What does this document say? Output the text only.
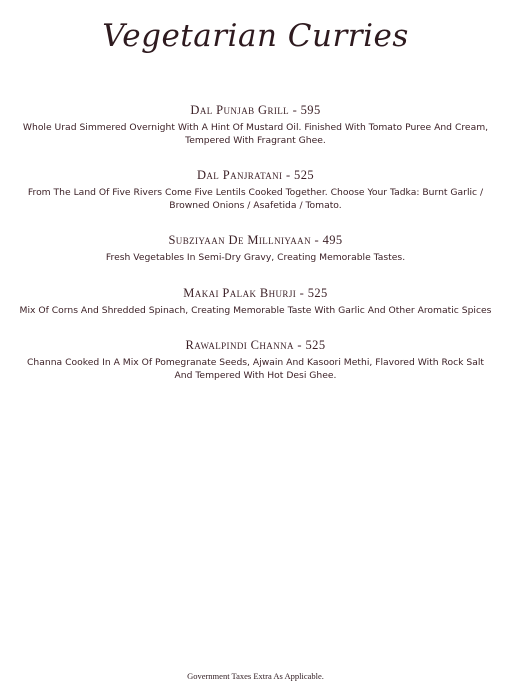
Vegetarian Curries
Dal Punjab Grill - 595
Whole Urad Simmered Overnight With A Hint Of Mustard Oil. Finished With Tomato Puree And Cream,
Tempered With Fragrant Ghee.
Dal Panjratani - 525
From The Land Of Five Rivers Come Five Lentils Cooked Together. Choose Your Tadka: Burnt Garlic /
Browned Onions / Asafetida / Tomato.
Subziyaan De Millniyaan - 495
Fresh Vegetables In Semi-Dry Gravy, Creating Memorable Tastes.
Makai Palak Bhurji - 525
Mix Of Corns And Shredded Spinach, Creating Memorable Taste With Garlic And Other Aromatic Spices
Rawalpindi Channa - 525
Channa Cooked In A Mix Of Pomegranate Seeds, Ajwain And Kasoori Methi, Flavored With Rock Salt
And Tempered With Hot Desi Ghee.
Government Taxes Extra As Applicable.
